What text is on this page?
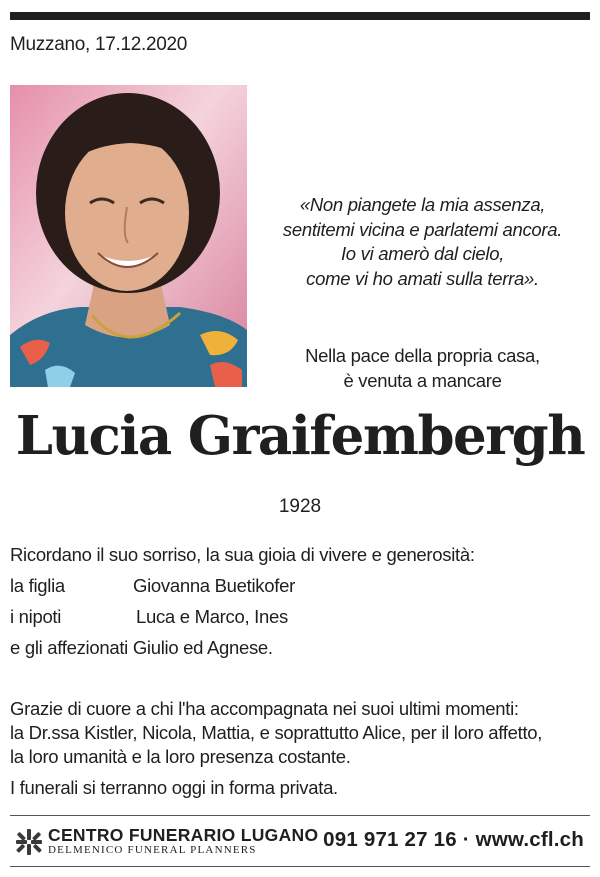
Muzzano, 17.12.2020
«Non piangete la mia assenza,
sentitemi vicina e parlatemi ancora.
Io vi amerò dal cielo,
come vi ho amati sulla terra».
Nella pace della propria casa,
è venuta a mancare
Lucia Graifembergh
1928
Ricordano il suo sorriso, la sua gioia di vivere e generosità:
la figlia	Giovanna Buetikofer
i nipoti	Luca e Marco, Ines
e gli affezionati Giulio ed Agnese.
Grazie di cuore a chi l'ha accompagnata nei suoi ultimi momenti:
la Dr.ssa Kistler, Nicola, Mattia, e soprattutto Alice, per il loro affetto,
la loro umanità e la loro presenza costante.
I funerali si terranno oggi in forma privata.
CENTRO FUNERARIO LUGANO
DELMENICO FUNERAL PLANNERS	091 971 27 16 · www.cfl.ch
